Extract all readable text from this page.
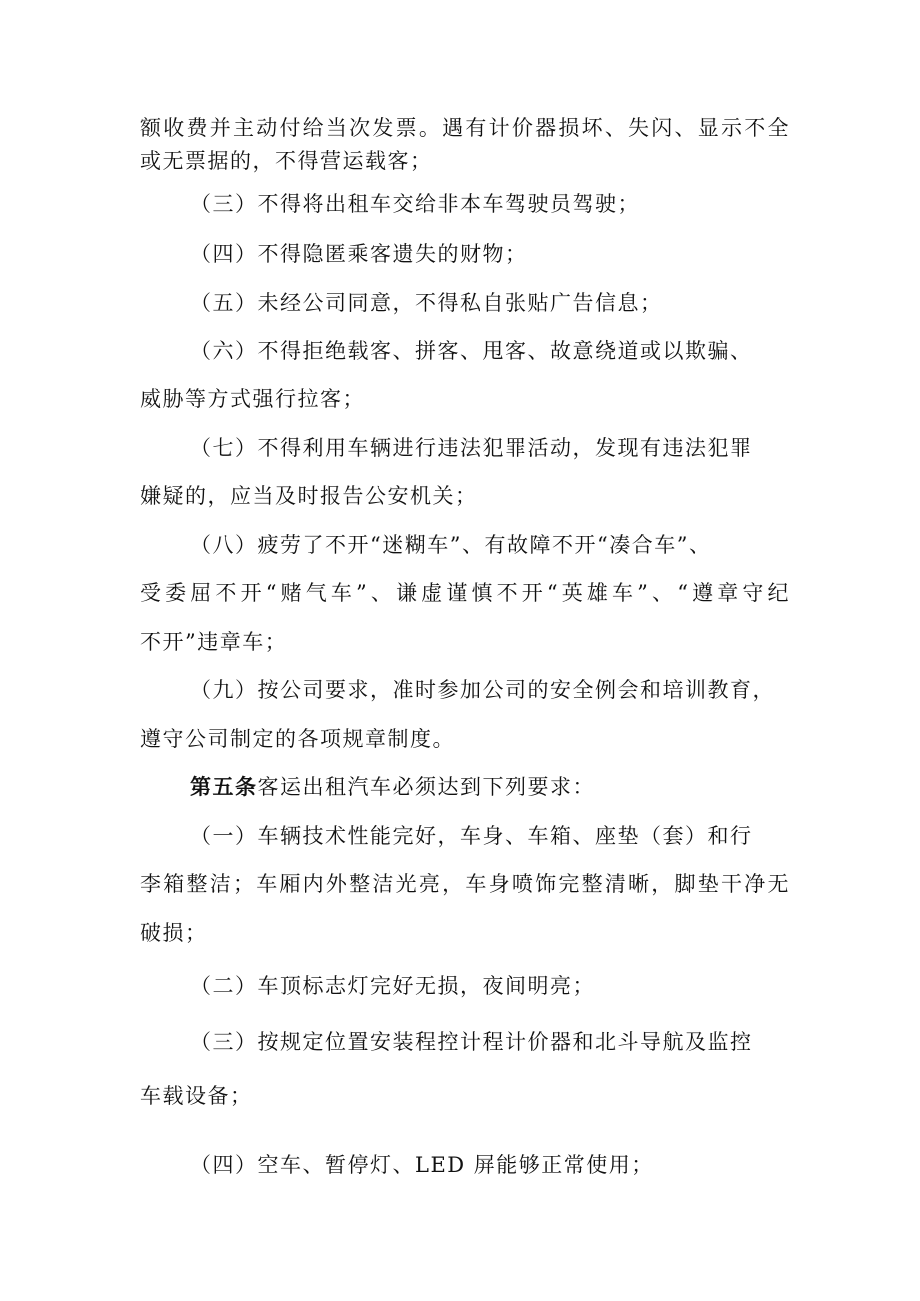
额收费并主动付给当次发票。遇有计价器损坏、失闪、显示不全
或无票据的，不得营运载客；
（三）不得将出租车交给非本车驾驶员驾驶；
（四）不得隐匿乘客遗失的财物；
（五）未经公司同意，不得私自张贴广告信息；
（六）不得拒绝载客、拼客、甩客、故意绕道或以欺骗、
威胁等方式强行拉客；
（七）不得利用车辆进行违法犯罪活动，发现有违法犯罪
嫌疑的，应当及时报告公安机关；
（八）疲劳了不开“迷糊车”、有故障不开“凑合车”、
受委屈不开“赌气车”、谦虚谨慎不开“英雄车”、“遵章守纪
不开”违章车；
（九）按公司要求，准时参加公司的安全例会和培训教育，
遵守公司制定的各项规章制度。
第五条客运出租汽车必须达到下列要求：
（一）车辆技术性能完好，车身、车箱、座垫（套）和行
李箱整洁；车厢内外整洁光亮，车身喷饰完整清晰，脚垫干净无
破损；
（二）车顶标志灯完好无损，夜间明亮；
（三）按规定位置安装程控计程计价器和北斗导航及监控
车载设备；
（四）空车、暂停灯、LED 屏能够正常使用；
